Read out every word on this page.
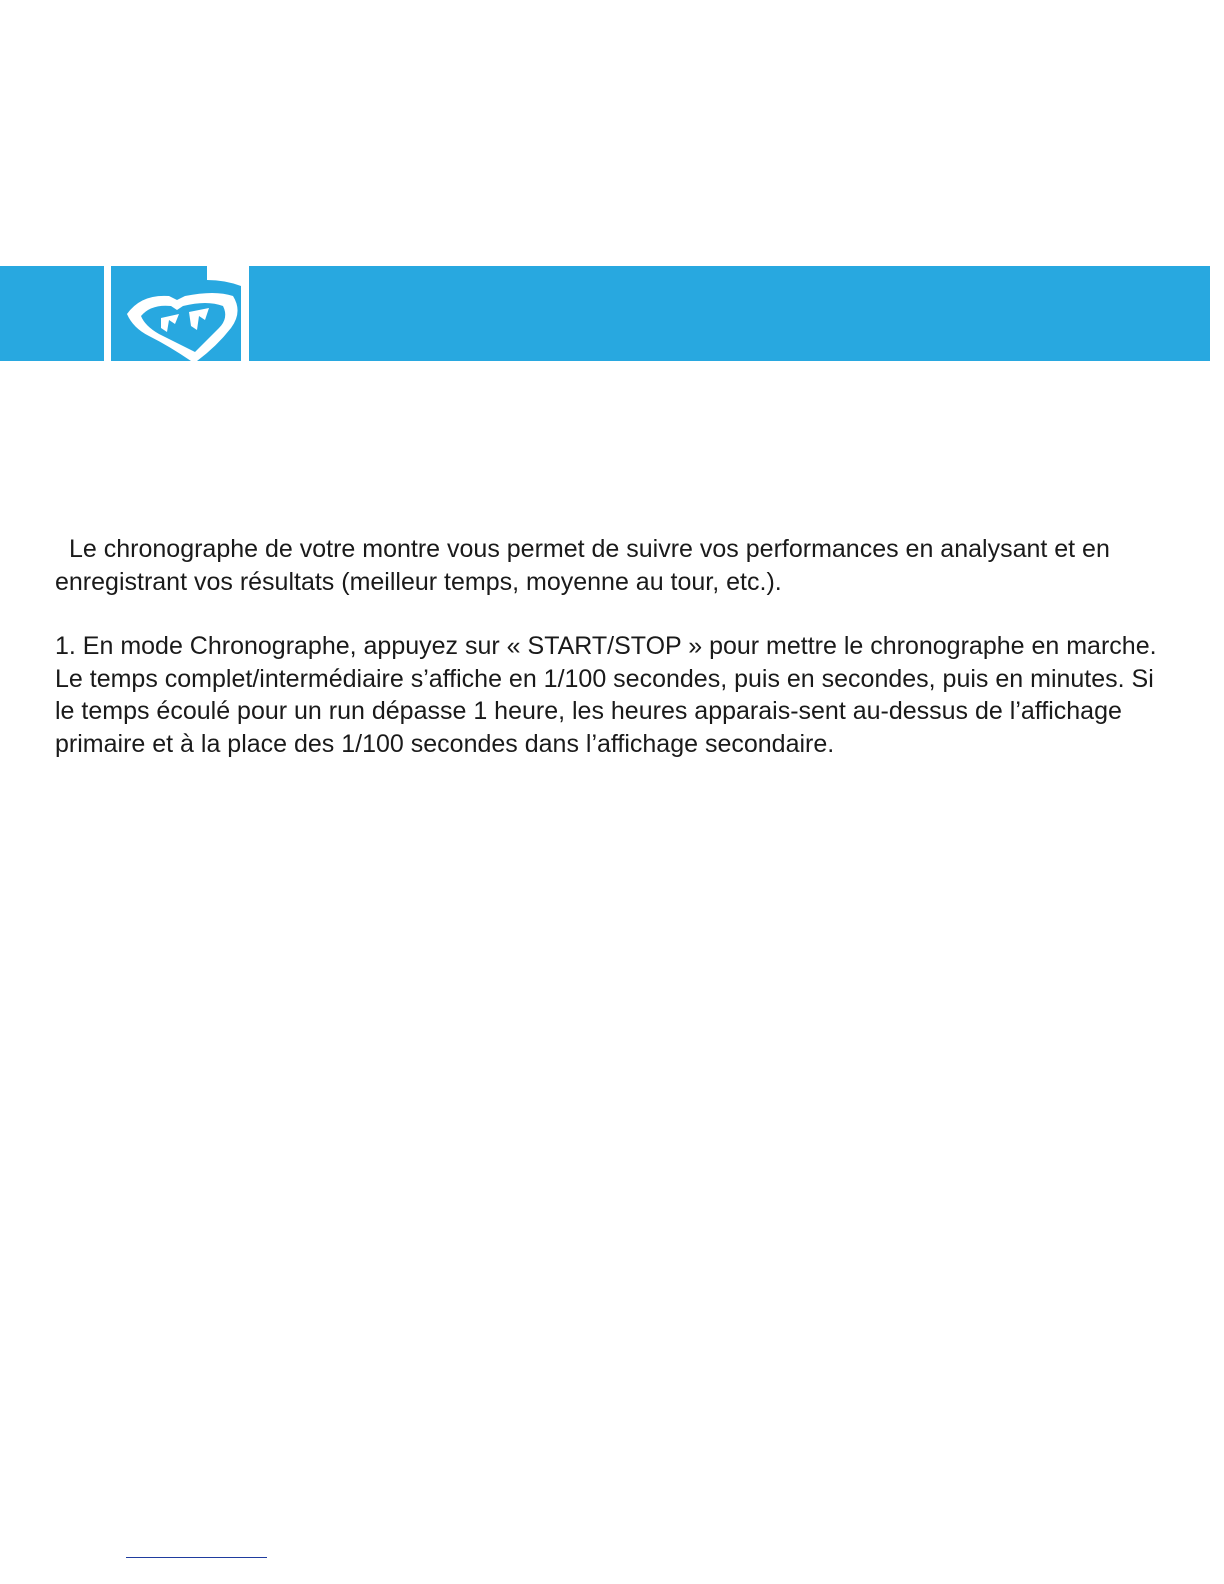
Le chronographe de votre montre vous permet de suivre vos performances en analysant et en enregistrant vos résultats (meilleur temps, moyenne au tour, etc.).

1. En mode Chronographe, appuyez sur « START/STOP » pour mettre le chronographe en marche. Le temps complet/intermédiaire s’affiche en 1/100 secondes, puis en secondes, puis en minutes. Si le temps écoulé pour un run dépasse 1 heure, les heures apparais-sent au-dessus de l’affichage primaire et à la place des 1/100 secondes dans l’affichage secondaire.
